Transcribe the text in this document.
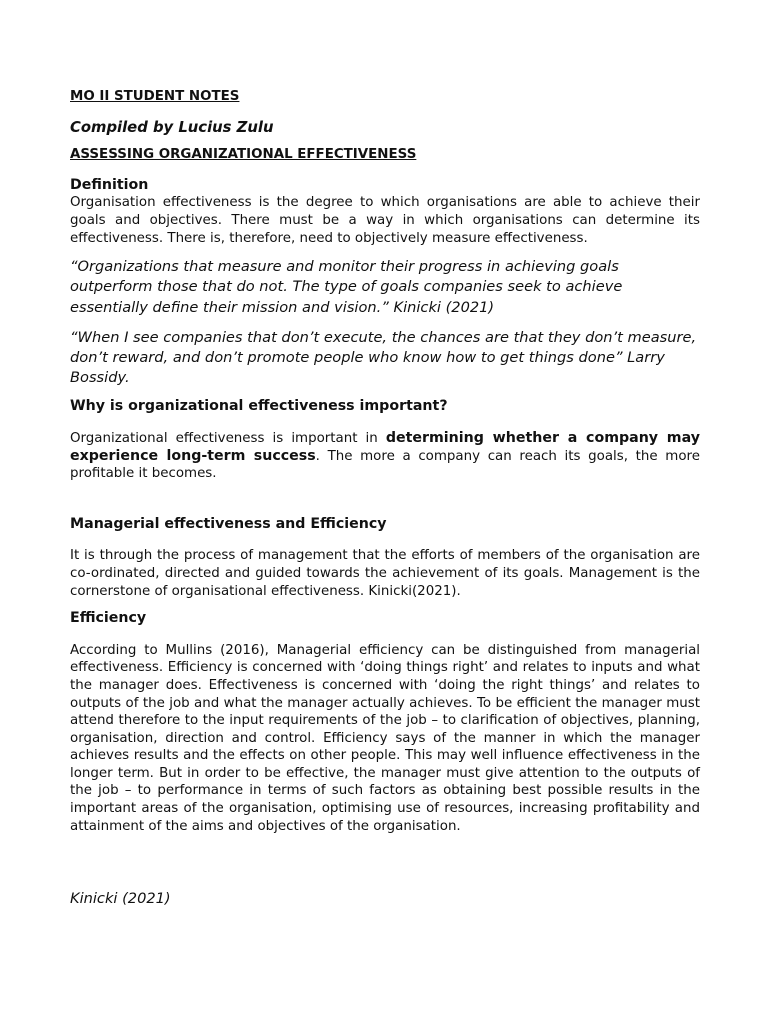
MO II STUDENT NOTES

Compiled by Lucius Zulu

ASSESSING ORGANIZATIONAL EFFECTIVENESS

Definition

Organisation effectiveness is the degree to which organisations are able to achieve their goals and objectives. There must be a way in which organisations can determine its effectiveness. There is, therefore, need to objectively measure effectiveness.

“Organizations that measure and monitor their progress in achieving goals outperform those that do not. The type of goals companies seek to achieve essentially define their mission and vision.” Kinicki (2021)

“When I see companies that don’t execute, the chances are that they don’t measure, don’t reward, and don’t promote people who know how to get things done” Larry Bossidy.

Why is organizational effectiveness important?

Organizational effectiveness is important in determining whether a company may experience long-term success. The more a company can reach its goals, the more profitable it becomes.

Managerial effectiveness and Efficiency

It is through the process of management that the efforts of members of the organisation are co-ordinated, directed and guided towards the achievement of its goals. Management is the cornerstone of organisational effectiveness. Kinicki(2021).

Efficiency

According to Mullins (2016), Managerial efficiency can be distinguished from managerial effectiveness. Efficiency is concerned with ‘doing things right’ and relates to inputs and what the manager does. Effectiveness is concerned with ‘doing the right things’ and relates to outputs of the job and what the manager actually achieves. To be efficient the manager must attend therefore to the input requirements of the job – to clarification of objectives, planning, organisation, direction and control. Efficiency says of the manner in which the manager achieves results and the effects on other people. This may well influence effectiveness in the longer term. But in order to be effective, the manager must give attention to the outputs of the job – to performance in terms of such factors as obtaining best possible results in the important areas of the organisation, optimising use of resources, increasing profitability and attainment of the aims and objectives of the organisation.

Kinicki (2021)
